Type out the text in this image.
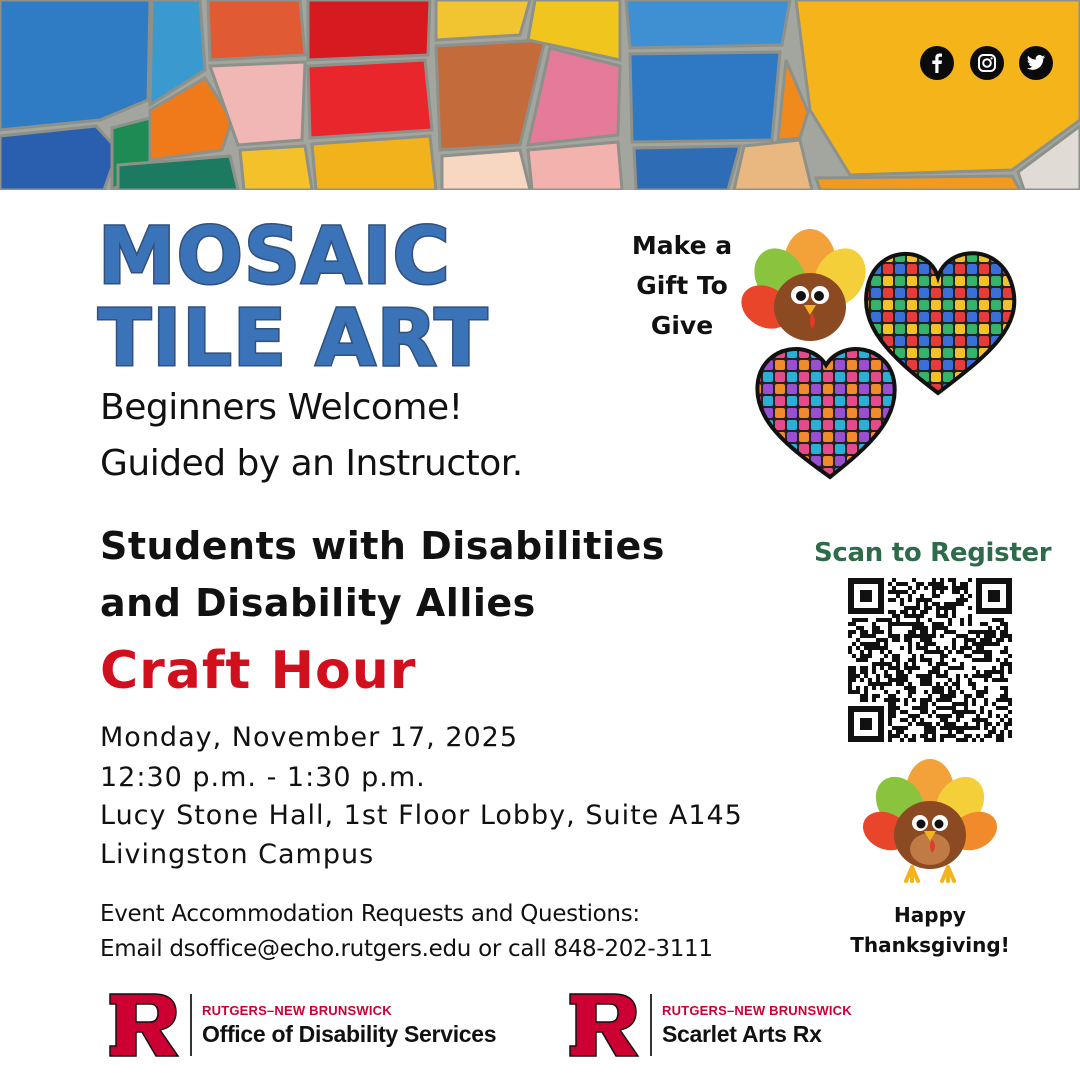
MOSAIC
TILE ART
Beginners Welcome!
Guided by an Instructor.
Students with Disabilities
and Disability Allies
Craft Hour
Monday, November 17, 2025
12:30 p.m. - 1:30 p.m.
Lucy Stone Hall, 1st Floor Lobby, Suite A145
Livingston Campus
Event Accommodation Requests and Questions:
Email dsoffice@echo.rutgers.edu or call 848-202-3111
Make a
Gift To
Give
Scan to Register
Happy
Thanksgiving!
RUTGERS–NEW BRUNSWICK
Office of Disability Services
RUTGERS–NEW BRUNSWICK
Scarlet Arts Rx
